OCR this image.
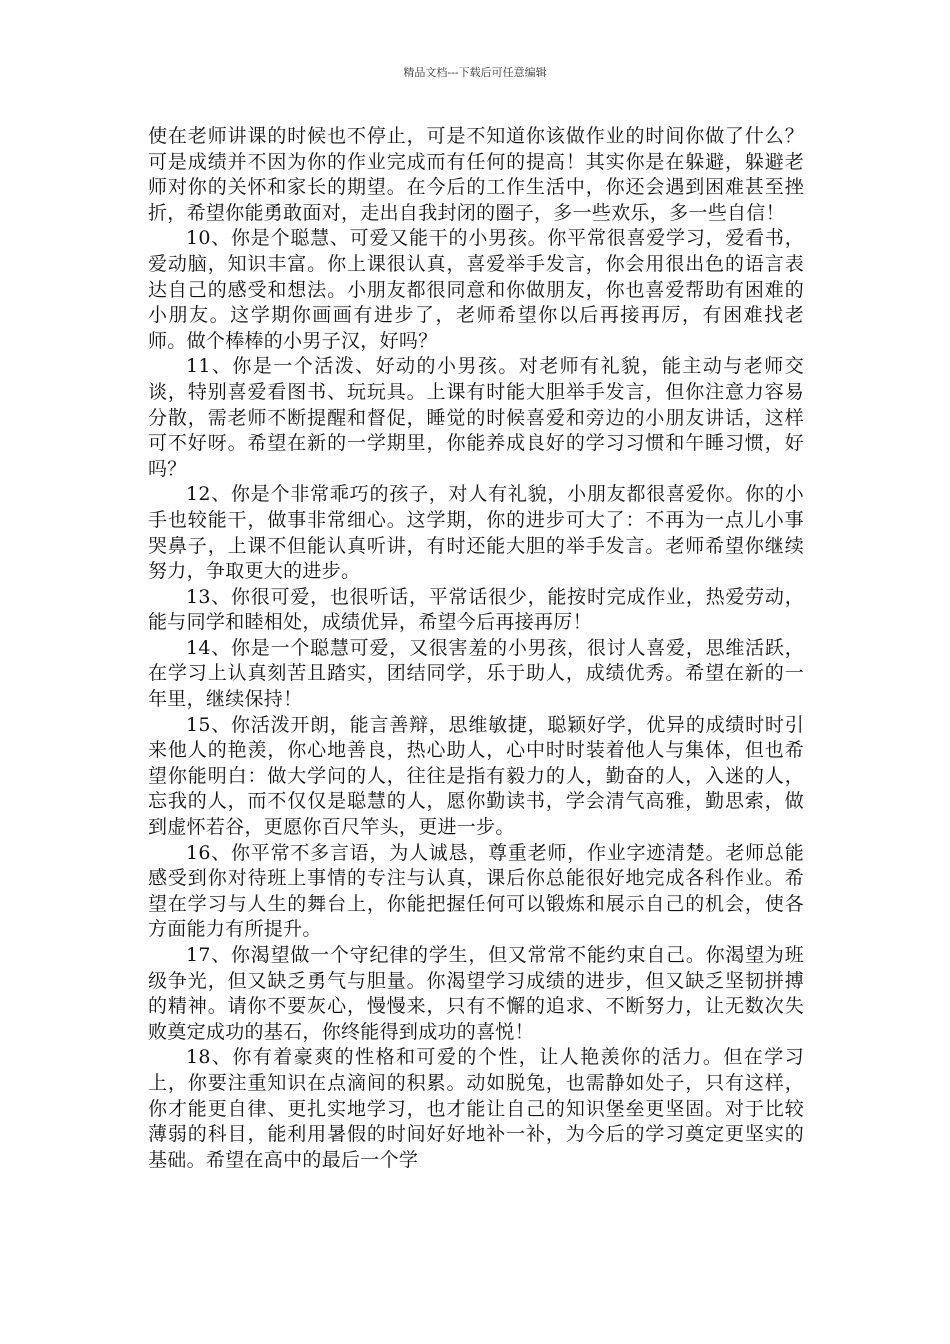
精品文档---下载后可任意编辑

使在老师讲课的时候也不停止，可是不知道你该做作业的时间你做了什么？可是成绩并不因为你的作业完成而有任何的提高！其实你是在躲避，躲避老师对你的关怀和家长的期望。在今后的工作生活中，你还会遇到困难甚至挫折，希望你能勇敢面对，走出自我封闭的圈子，多一些欢乐，多一些自信！

10、你是个聪慧、可爱又能干的小男孩。你平常很喜爱学习，爱看书，爱动脑，知识丰富。你上课很认真，喜爱举手发言，你会用很出色的语言表达自己的感受和想法。小朋友都很同意和你做朋友，你也喜爱帮助有困难的小朋友。这学期你画画有进步了，老师希望你以后再接再厉，有困难找老师。做个棒棒的小男子汉，好吗？

11、你是一个活泼、好动的小男孩。对老师有礼貌，能主动与老师交谈，特别喜爱看图书、玩玩具。上课有时能大胆举手发言，但你注意力容易分散，需老师不断提醒和督促，睡觉的时候喜爱和旁边的小朋友讲话，这样可不好呀。希望在新的一学期里，你能养成良好的学习习惯和午睡习惯，好吗？

12、你是个非常乖巧的孩子，对人有礼貌，小朋友都很喜爱你。你的小手也较能干，做事非常细心。这学期，你的进步可大了：不再为一点儿小事哭鼻子，上课不但能认真听讲，有时还能大胆的举手发言。老师希望你继续努力，争取更大的进步。

13、你很可爱，也很听话，平常话很少，能按时完成作业，热爱劳动，能与同学和睦相处，成绩优异，希望今后再接再厉！

14、你是一个聪慧可爱，又很害羞的小男孩，很讨人喜爱，思维活跃，在学习上认真刻苦且踏实，团结同学，乐于助人，成绩优秀。希望在新的一年里，继续保持！

15、你活泼开朗，能言善辩，思维敏捷，聪颖好学，优异的成绩时时引来他人的艳羡，你心地善良，热心助人，心中时时装着他人与集体，但也希望你能明白：做大学问的人，往往是指有毅力的人，勤奋的人，入迷的人，忘我的人，而不仅仅是聪慧的人，愿你勤读书，学会清气高雅，勤思索，做到虚怀若谷，更愿你百尺竿头，更进一步。

16、你平常不多言语，为人诚恳，尊重老师，作业字迹清楚。老师总能感受到你对待班上事情的专注与认真，课后你总能很好地完成各科作业。希望在学习与人生的舞台上，你能把握任何可以锻炼和展示自己的机会，使各方面能力有所提升。

17、你渴望做一个守纪律的学生，但又常常不能约束自己。你渴望为班级争光，但又缺乏勇气与胆量。你渴望学习成绩的进步，但又缺乏坚韧拼搏的精神。请你不要灰心，慢慢来，只有不懈的追求、不断努力，让无数次失败奠定成功的基石，你终能得到成功的喜悦！

18、你有着豪爽的性格和可爱的个性，让人艳羡你的活力。但在学习上，你要注重知识在点滴间的积累。动如脱兔，也需静如处子，只有这样，你才能更自律、更扎实地学习，也才能让自己的知识堡垒更坚固。对于比较薄弱的科目，能利用暑假的时间好好地补一补，为今后的学习奠定更坚实的基础。希望在高中的最后一个学
